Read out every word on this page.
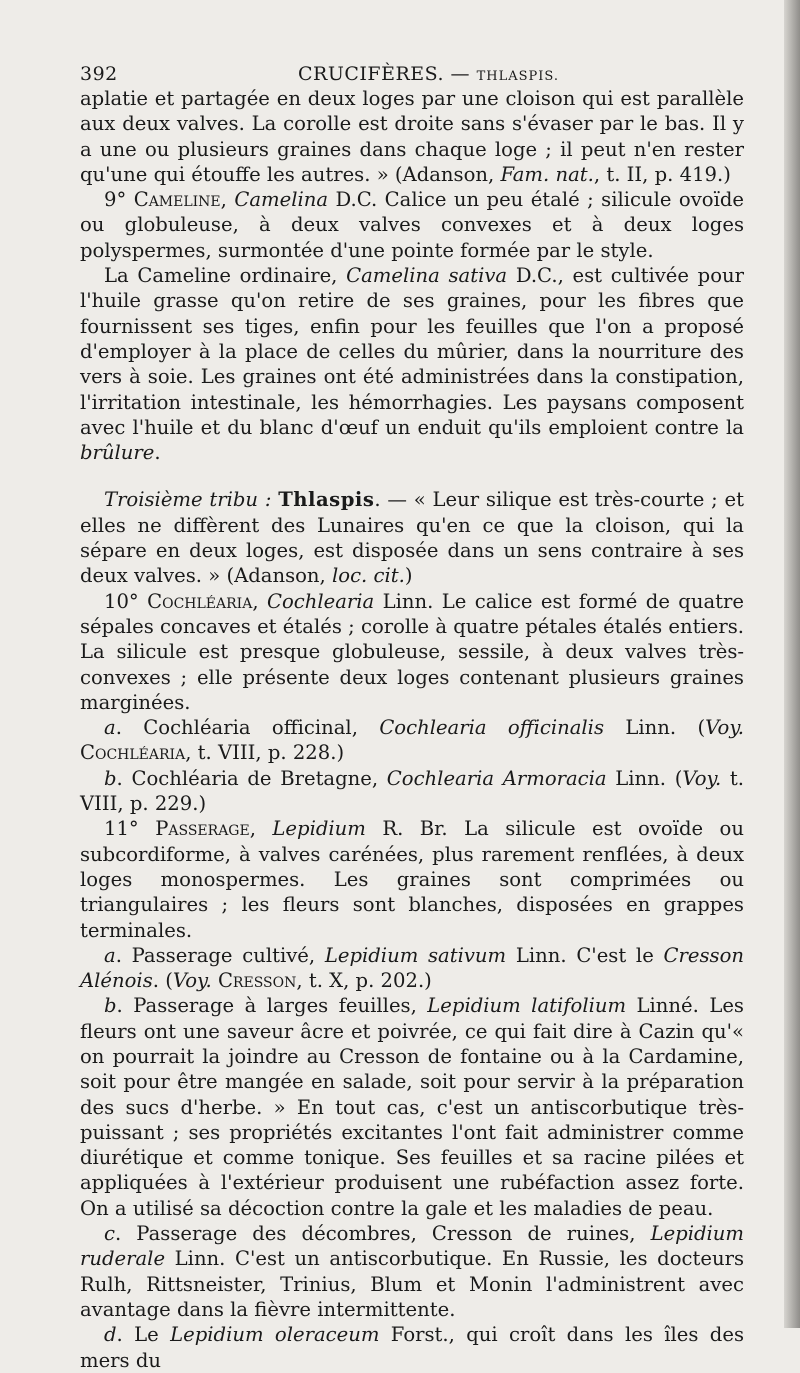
392	CRUCIFÈRES. — THLASPIS.

aplatie et partagée en deux loges par une cloison qui est parallèle aux deux valves. La corolle est droite sans s'évaser par le bas. Il y a une ou plusieurs graines dans chaque loge ; il peut n'en rester qu'une qui étouffe les autres. » (Adanson, Fam. nat., t. II, p. 419.)

9° Cameline, Camelina D.C. Calice un peu étalé ; silicule ovoïde ou globuleuse, à deux valves convexes et à deux loges polyspermes, surmontée d'une pointe formée par le style.

La Cameline ordinaire, Camelina sativa D.C., est cultivée pour l'huile grasse qu'on retire de ses graines, pour les fibres que fournissent ses tiges, enfin pour les feuilles que l'on a proposé d'employer à la place de celles du mûrier, dans la nourriture des vers à soie. Les graines ont été administrées dans la constipation, l'irritation intestinale, les hémorrhagies. Les paysans composent avec l'huile et du blanc d'œuf un enduit qu'ils emploient contre la brûlure.

Troisième tribu : Thlaspis. — « Leur silique est très-courte ; et elles ne diffèrent des Lunaires qu'en ce que la cloison, qui la sépare en deux loges, est disposée dans un sens contraire à ses deux valves. » (Adanson, loc. cit.)

10° Cochléaria, Cochlearia Linn. Le calice est formé de quatre sépales concaves et étalés ; corolle à quatre pétales étalés entiers. La silicule est presque globuleuse, sessile, à deux valves très-convexes ; elle présente deux loges contenant plusieurs graines marginées.

a. Cochléaria officinal, Cochlearia officinalis Linn. (Voy. Cochléaria, t. VIII, p. 228.)

b. Cochléaria de Bretagne, Cochlearia Armoracia Linn. (Voy. t. VIII, p. 229.)

11° Passerage, Lepidium R. Br. La silicule est ovoïde ou subcordiforme, à valves carénées, plus rarement renflées, à deux loges monospermes. Les graines sont comprimées ou triangulaires ; les fleurs sont blanches, disposées en grappes terminales.

a. Passerage cultivé, Lepidium sativum Linn. C'est le Cresson Alénois. (Voy. Cresson, t. X, p. 202.)

b. Passerage à larges feuilles, Lepidium latifolium Linné. Les fleurs ont une saveur âcre et poivrée, ce qui fait dire à Cazin qu'« on pourrait la joindre au Cresson de fontaine ou à la Cardamine, soit pour être mangée en salade, soit pour servir à la préparation des sucs d'herbe. » En tout cas, c'est un antiscorbutique très-puissant ; ses propriétés excitantes l'ont fait administrer comme diurétique et comme tonique. Ses feuilles et sa racine pilées et appliquées à l'extérieur produisent une rubéfaction assez forte. On a utilisé sa décoction contre la gale et les maladies de peau.

c. Passerage des décombres, Cresson de ruines, Lepidium ruderale Linn. C'est un antiscorbutique. En Russie, les docteurs Rulh, Rittsneister, Trinius, Blum et Monin l'administrent avec avantage dans la fièvre intermittente.

d. Le Lepidium oleraceum Forst., qui croît dans les îles des mers du
